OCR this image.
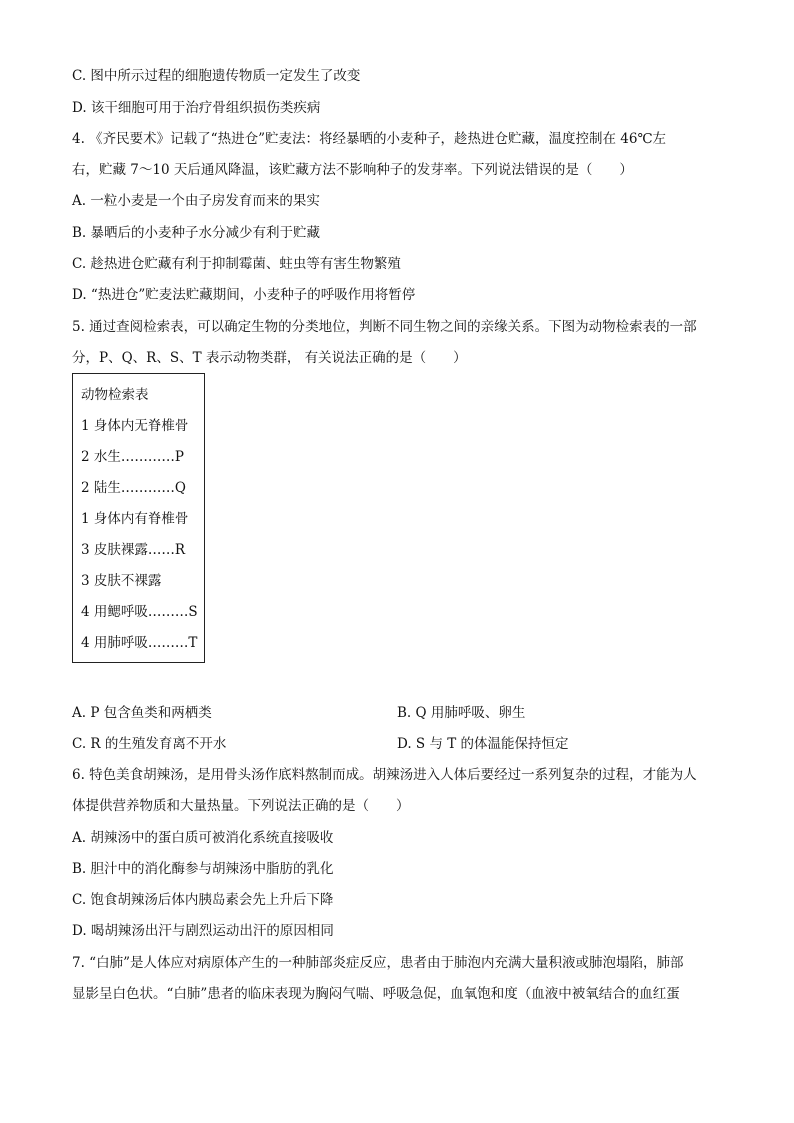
C. 图中所示过程的细胞遗传物质一定发生了改变
D. 该干细胞可用于治疗骨组织损伤类疾病
4. 《齐民要术》记载了“热进仓”贮麦法：将经暴晒的小麦种子，趁热进仓贮藏，温度控制在 46℃左
右，贮藏 7～10 天后通风降温，该贮藏方法不影响种子的发芽率。下列说法错误的是（　　）
A. 一粒小麦是一个由子房发育而来的果实
B. 暴晒后的小麦种子水分减少有利于贮藏
C. 趁热进仓贮藏有利于抑制霉菌、蛀虫等有害生物繁殖
D. “热进仓”贮麦法贮藏期间，小麦种子的呼吸作用将暂停
5. 通过查阅检索表，可以确定生物的分类地位，判断不同生物之间的亲缘关系。下图为动物检索表的一部
分，P、Q、R、S、T 表示动物类群， 有关说法正确的是（　　）
动物检索表
1 身体内无脊椎骨
2 水生…………P
2 陆生…………Q
1 身体内有脊椎骨
3 皮肤裸露……R
3 皮肤不裸露
4 用鳃呼吸………S
4 用肺呼吸………T
A. P 包含鱼类和两栖类	B. Q 用肺呼吸、卵生
C. R 的生殖发育离不开水	D. S 与 T 的体温能保持恒定
6. 特色美食胡辣汤，是用骨头汤作底料熬制而成。胡辣汤进入人体后要经过一系列复杂的过程，才能为人
体提供营养物质和大量热量。下列说法正确的是（　　）
A. 胡辣汤中的蛋白质可被消化系统直接吸收
B. 胆汁中的消化酶参与胡辣汤中脂肪的乳化
C. 饱食胡辣汤后体内胰岛素会先上升后下降
D. 喝胡辣汤出汗与剧烈运动出汗的原因相同
7. “白肺”是人体应对病原体产生的一种肺部炎症反应，患者由于肺泡内充满大量积液或肺泡塌陷，肺部
显影呈白色状。“白肺”患者的临床表现为胸闷气喘、呼吸急促，血氧饱和度（血液中被氧结合的血红蛋
